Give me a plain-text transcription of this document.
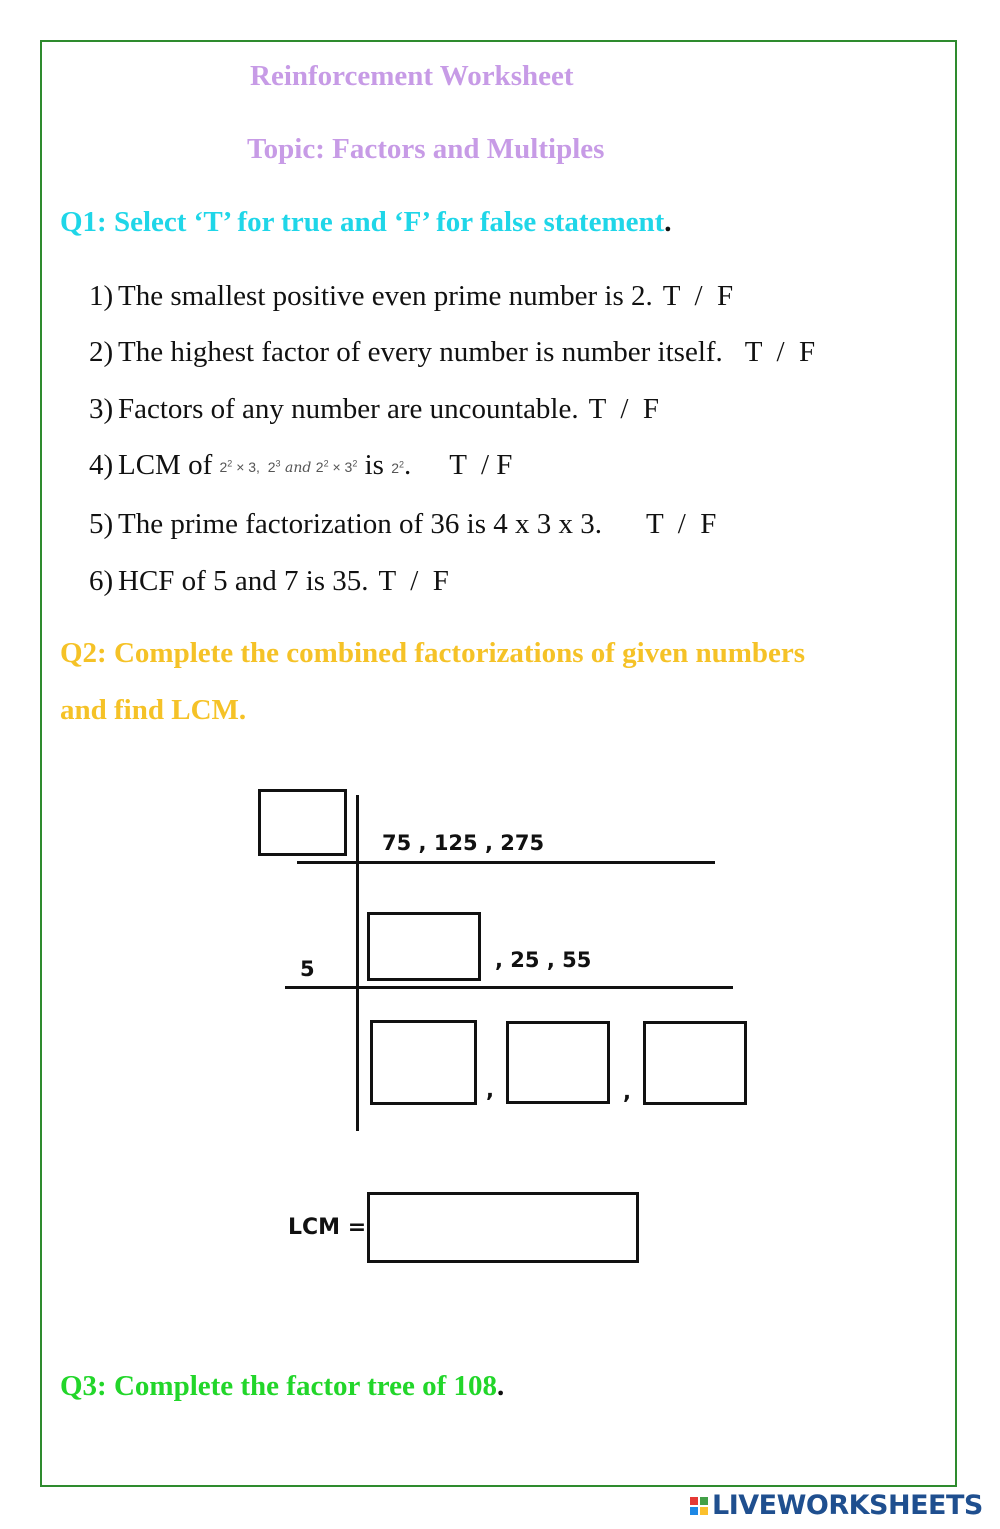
Reinforcement Worksheet
Topic: Factors and Multiples
Q1: Select ‘T’ for true and ‘F’ for false statement.
1) The smallest positive even prime number is 2. T  /  F
2) The highest factor of every number is number itself. T  /  F
3) Factors of any number are uncountable. T  /  F
4) LCM of $2^2 \times 3$,  $2^3$ and $2^2 \times 3^2$ is $2^2$. T  / F
5) The prime factorization of 36 is 4 x 3 x 3. T  /  F
6) HCF of 5 and 7 is 35. T  /  F
Q2: Complete the combined factorizations of given numbers
and find LCM.
75 , 125 , 275
5	, 25 , 55
,	,
LCM =
Q3: Complete the factor tree of 108.
LIVEWORKSHEETS
